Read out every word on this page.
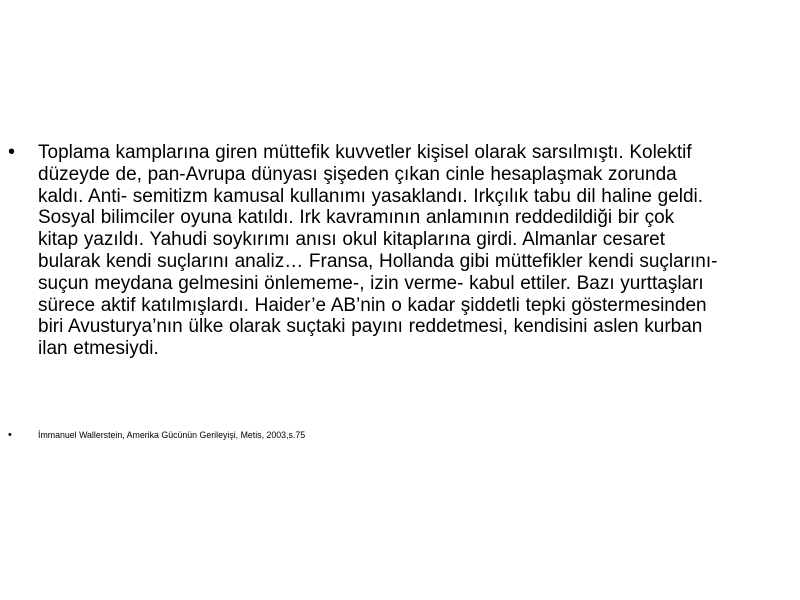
• Toplama kamplarına giren müttefik kuvvetler kişisel olarak sarsılmıştı. Kolektif düzeyde de, pan-Avrupa dünyası şişeden çıkan cinle hesaplaşmak zorunda kaldı. Anti- semitizm kamusal kullanımı yasaklandı. Irkçılık tabu dil haline geldi. Sosyal bilimciler oyuna katıldı. Irk kavramının anlamının reddedildiği bir çok kitap yazıldı. Yahudi soykırımı anısı okul kitaplarına girdi. Almanlar cesaret bularak kendi suçlarını analiz… Fransa, Hollanda gibi müttefikler kendi suçlarını-suçun meydana gelmesini önlememe-, izin verme- kabul ettiler. Bazı yurttaşları sürece aktif katılmışlardı. Haider’e AB’nin o kadar şiddetli tepki göstermesinden biri Avusturya’nın ülke olarak suçtaki payını reddetmesi, kendisini aslen kurban ilan etmesiydi.

•	İmmanuel Wallerstein, Amerika Gücünün Gerileyişi, Metis, 2003,s.75
